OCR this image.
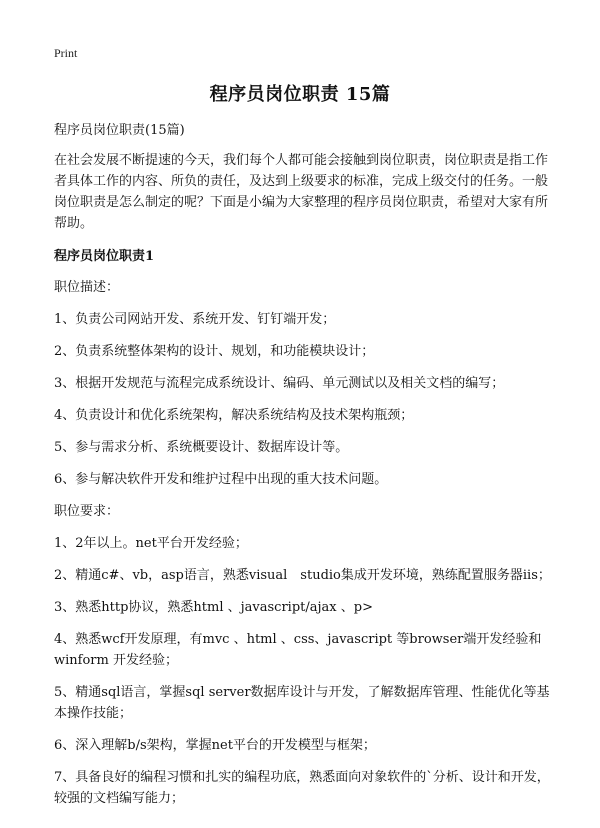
Print
程序员岗位职责 15篇

程序员岗位职责(15篇)

在社会发展不断提速的今天，我们每个人都可能会接触到岗位职责，岗位职责是指工作者具体工作的内容、所负的责任，及达到上级要求的标准，完成上级交付的任务。一般岗位职责是怎么制定的呢？下面是小编为大家整理的程序员岗位职责，希望对大家有所帮助。

程序员岗位职责1

职位描述：

1、负责公司网站开发、系统开发、钉钉端开发；

2、负责系统整体架构的设计、规划，和功能模块设计；

3、根据开发规范与流程完成系统设计、编码、单元测试以及相关文档的编写；

4、负责设计和优化系统架构，解决系统结构及技术架构瓶颈；

5、参与需求分析、系统概要设计、数据库设计等。

6、参与解决软件开发和维护过程中出现的重大技术问题。

职位要求：

1、2年以上。net平台开发经验；

2、精通c#、vb，asp语言，熟悉visual　studio集成开发环境，熟练配置服务器iis；

3、熟悉http协议，熟悉html 、javascript/ajax 、p>

4、熟悉wcf开发原理，有mvc 、html 、css、javascript 等browser端开发经验和winform 开发经验；

5、精通sql语言，掌握sql server数据库设计与开发，了解数据库管理、性能优化等基本操作技能；

6、深入理解b/s架构，掌握net平台的开发模型与框架；

7、具备良好的编程习惯和扎实的编程功底，熟悉面向对象软件的`分析、设计和开发，较强的文档编写能力；
